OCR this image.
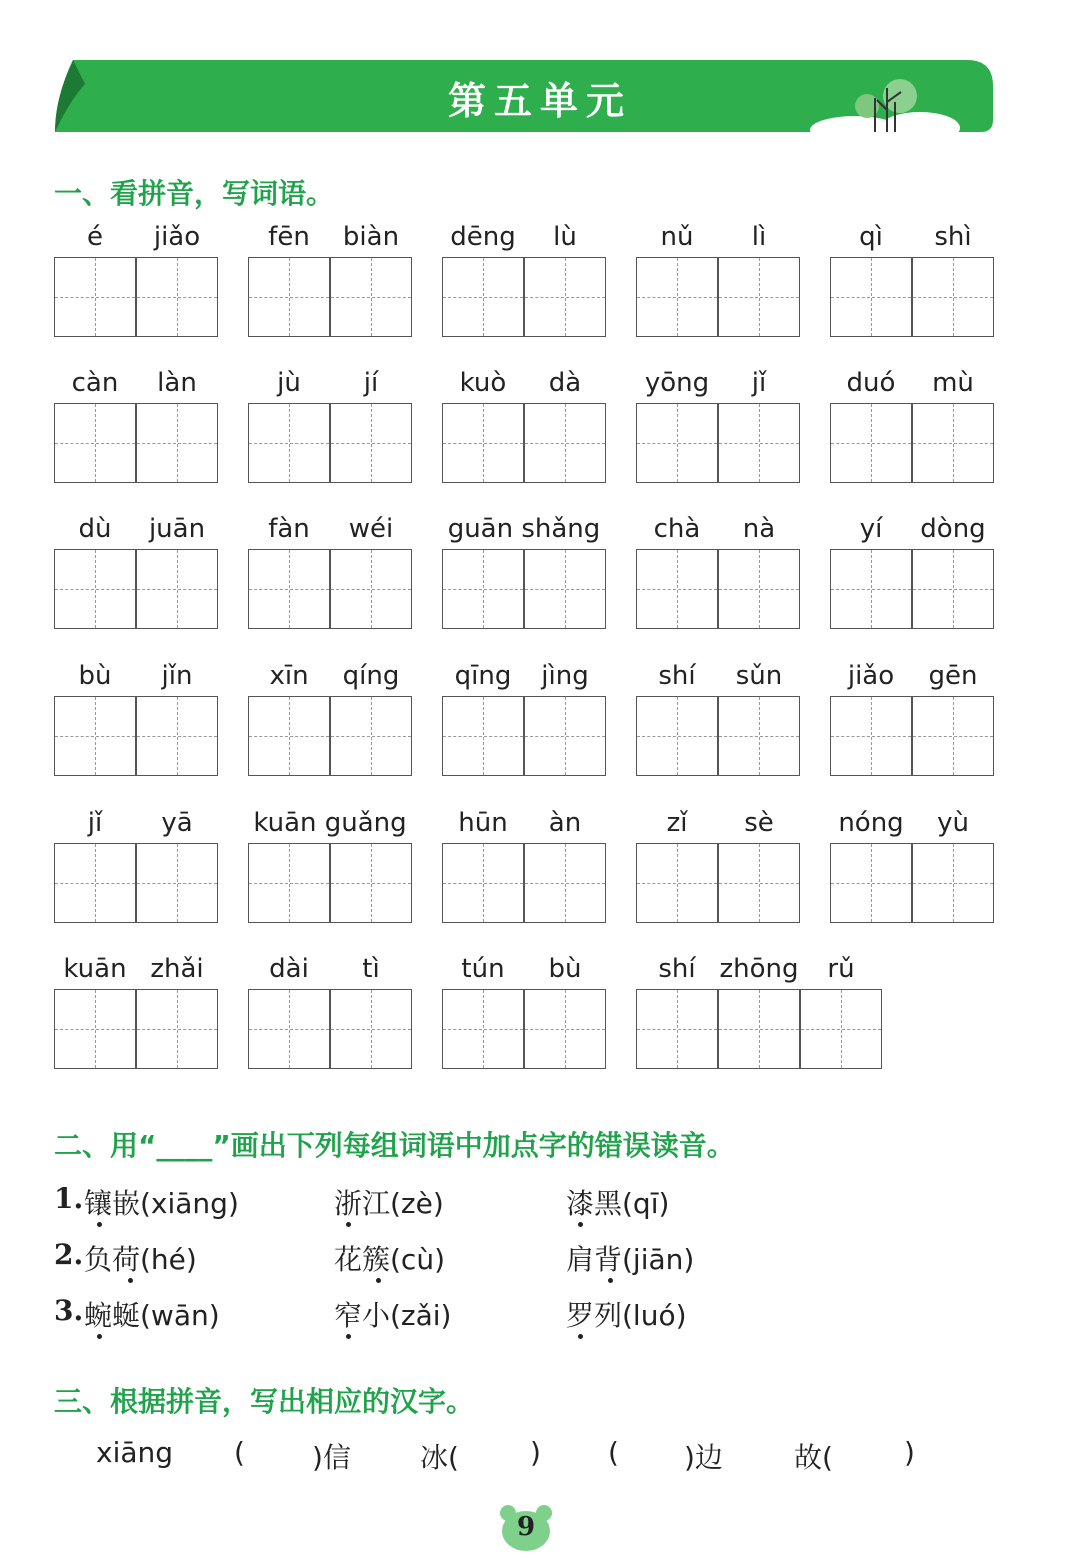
第五单元
一、看拼音，写词语。
é	jiǎo	fēn	biàn	dēng	lù	nǔ	lì	qì	shì
càn	làn	jù	jí	kuò	dà	yōng	jǐ	duó	mù
dù	juān	fàn	wéi	guān shǎng	chà	nà	yí	dòng
bù	jǐn	xīn	qíng	qīng	jìng	shí	sǔn	jiǎo	gēn
jǐ	yā	kuān guǎng	hūn	àn	zǐ	sè	nóng	yù
kuān zhǎi	dài	tì	tún	bù	shí zhōng	rǔ
二、用“____”画出下列每组词语中加点字的错误读音。
1. 镶嵌(xiāng)	浙江(zè)	漆黑(qī)
2. 负荷(hé)	花簇(cù)	肩背(jiān)
3. 蜿蜒(wān)	窄小(zǎi)	罗列(luó)
三、根据拼音，写出相应的汉字。
xiāng ( )信 冰(	) ( )边	故(	)
9
